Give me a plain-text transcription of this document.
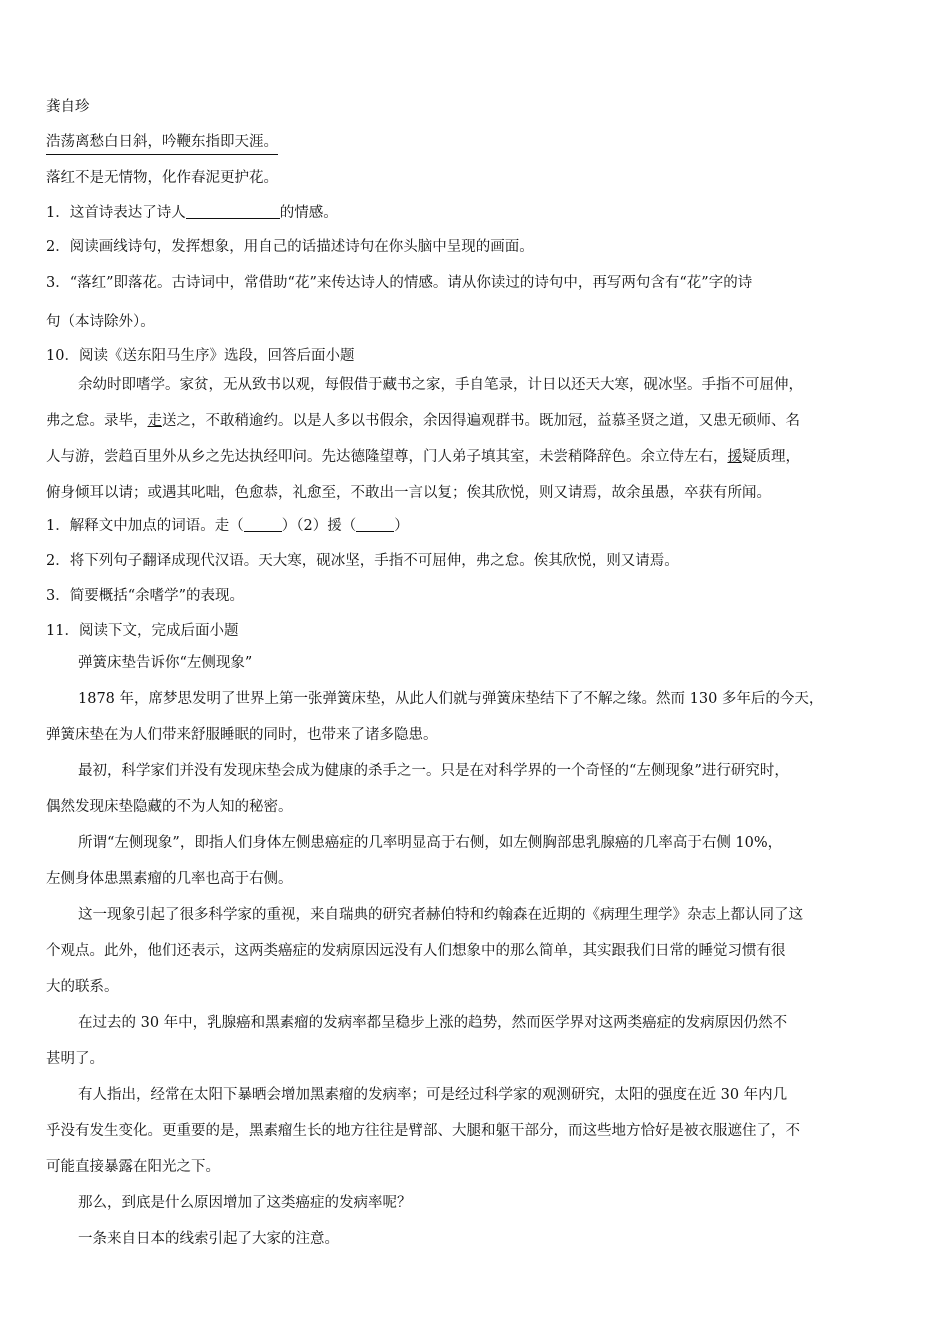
龚自珍
浩荡离愁白日斜，吟鞭东指即天涯。
落红不是无情物，化作春泥更护花。
1．这首诗表达了诗人	的情感。
2．阅读画线诗句，发挥想象，用自己的话描述诗句在你头脑中呈现的画面。
3．“落红”即落花。古诗词中，常借助“花”来传达诗人的情感。请从你读过的诗句中，再写两句含有“花”字的诗
句（本诗除外）。
10．阅读《送东阳马生序》选段，回答后面小题
余幼时即嗜学。家贫，无从致书以观，每假借于藏书之家，手自笔录，计日以还天大寒，砚冰坚。手指不可屈伸，
弗之怠。录毕，走送之，不敢稍逾约。以是人多以书假余，余因得遍观群书。既加冠，益慕圣贤之道，又患无硕师、名
人与游，尝趋百里外从乡之先达执经叩问。先达德隆望尊，门人弟子填其室，未尝稍降辞色。余立侍左右，援疑质理，
俯身倾耳以请；或遇其叱咄，色愈恭，礼愈至，不敢出一言以复；俟其欣悦，则又请焉，故余虽愚，卒获有所闻。
1．解释文中加点的词语。走（	）（2）援（	）
2．将下列句子翻译成现代汉语。天大寒，砚冰坚，手指不可屈伸，弗之怠。俟其欣悦，则又请焉。
3．简要概括“余嗜学”的表现。
11．阅读下文，完成后面小题
弹簧床垫告诉你“左侧现象”
1878 年，席梦思发明了世界上第一张弹簧床垫，从此人们就与弹簧床垫结下了不解之缘。然而 130 多年后的今天，
弹簧床垫在为人们带来舒服睡眠的同时，也带来了诸多隐患。
最初，科学家们并没有发现床垫会成为健康的杀手之一。只是在对科学界的一个奇怪的“左侧现象”进行研究时，
偶然发现床垫隐藏的不为人知的秘密。
所谓“左侧现象”，即指人们身体左侧患癌症的几率明显高于右侧，如左侧胸部患乳腺癌的几率高于右侧 10%，
左侧身体患黑素瘤的几率也高于右侧。
这一现象引起了很多科学家的重视，来自瑞典的研究者赫伯特和约翰森在近期的《病理生理学》杂志上都认同了这
个观点。此外，他们还表示，这两类癌症的发病原因远没有人们想象中的那么简单，其实跟我们日常的睡觉习惯有很
大的联系。
在过去的 30 年中，乳腺癌和黑素瘤的发病率都呈稳步上涨的趋势，然而医学界对这两类癌症的发病原因仍然不
甚明了。
有人指出，经常在太阳下暴晒会增加黑素瘤的发病率；可是经过科学家的观测研究，太阳的强度在近 30 年内几
乎没有发生变化。更重要的是，黑素瘤生长的地方往往是臂部、大腿和躯干部分，而这些地方恰好是被衣服遮住了，不
可能直接暴露在阳光之下。
那么，到底是什么原因增加了这类癌症的发病率呢？
一条来自日本的线索引起了大家的注意。
